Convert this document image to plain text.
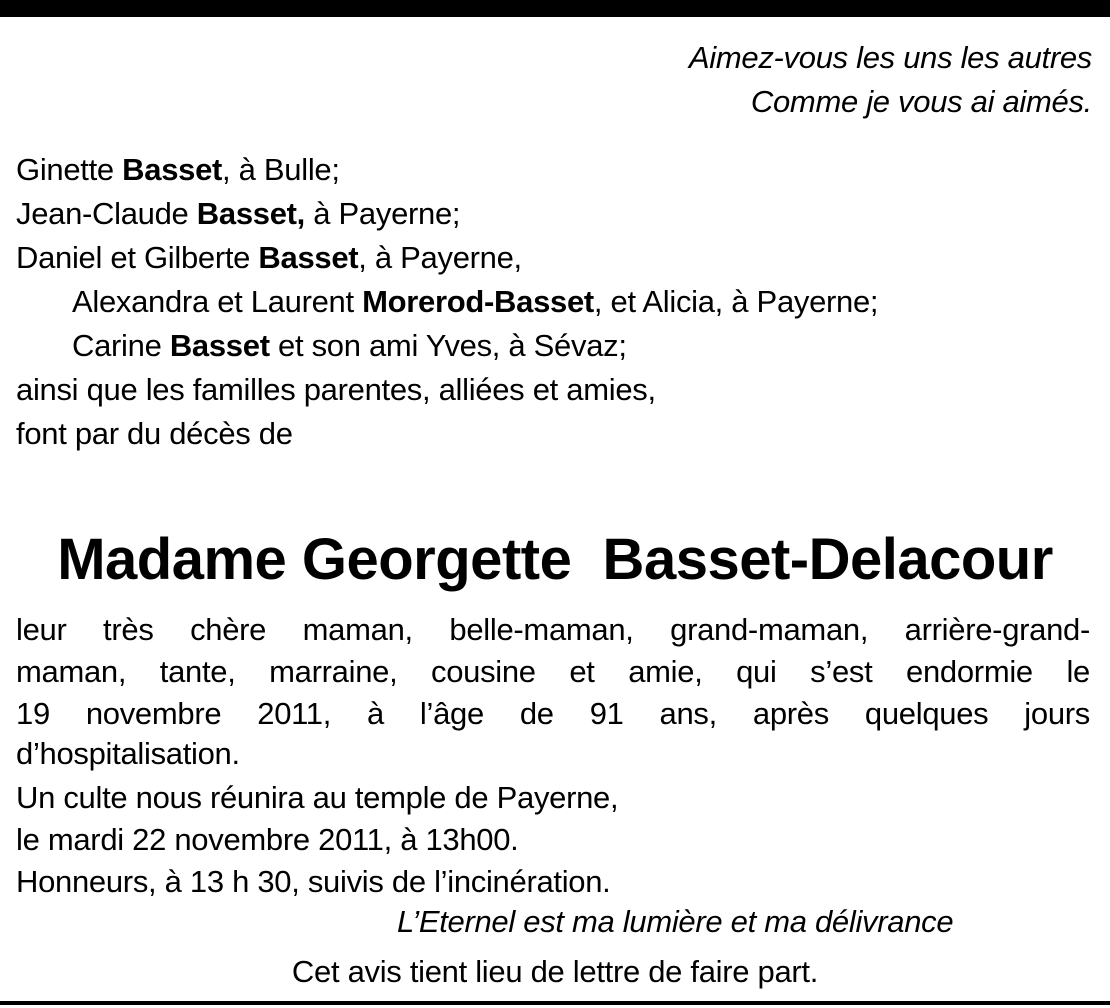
Aimez-vous les uns les autres
Comme je vous ai aimés.
Ginette Basset, à Bulle;
Jean-Claude Basset, à Payerne;
Daniel et Gilberte Basset, à Payerne,
Alexandra et Laurent Morerod-Basset, et Alicia, à Payerne;
Carine Basset et son ami Yves, à Sévaz;
ainsi que les familles parentes, alliées et amies,
font par du décès de
Madame Georgette  Basset-Delacour
leur très chère maman, belle-maman, grand-maman, arrière-grand-
maman, tante, marraine, cousine et amie, qui s’est endormie le
19 novembre 2011, à l’âge de 91 ans, après quelques jours
d’hospitalisation.
Un culte nous réunira au temple de Payerne,
le mardi 22 novembre 2011, à 13h00.
Honneurs, à 13 h 30, suivis de l’incinération.
L’Eternel est ma lumière et ma délivrance
Cet avis tient lieu de lettre de faire part.
